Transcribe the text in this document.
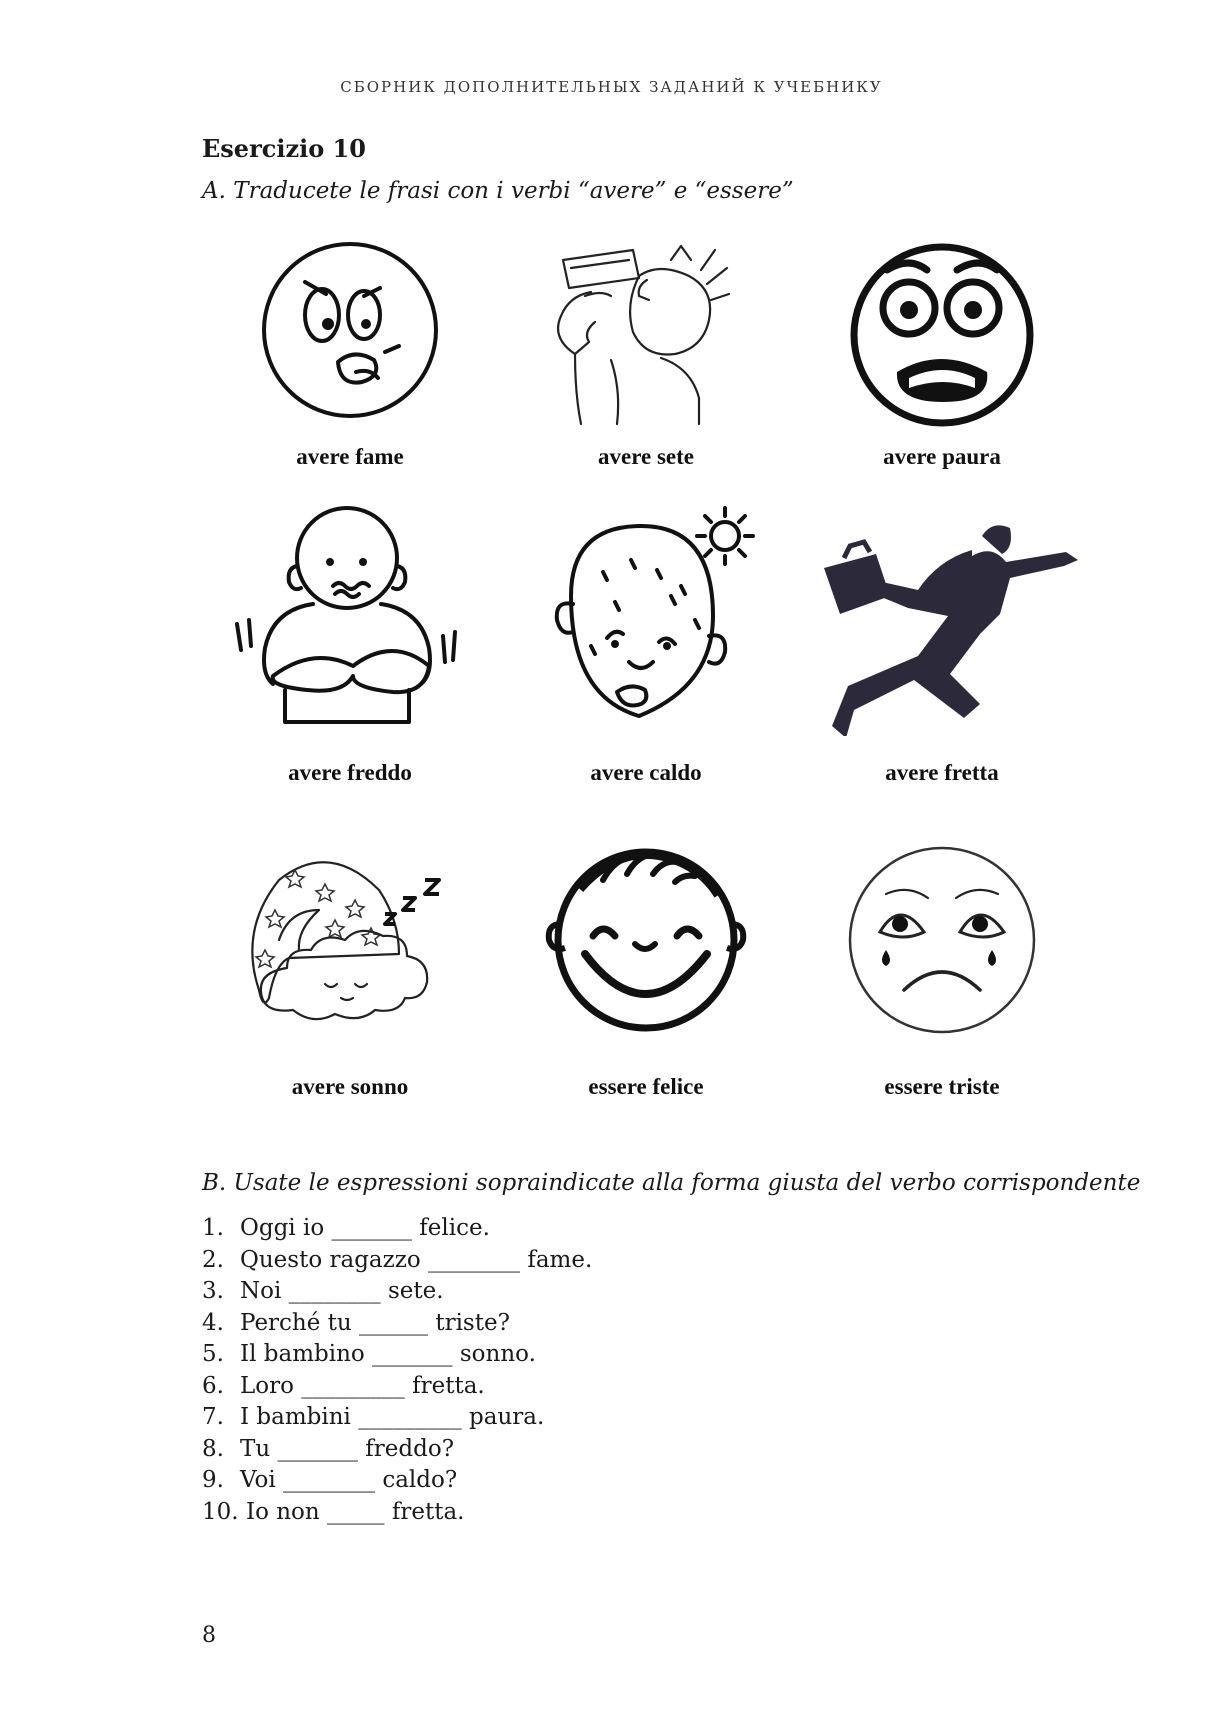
СБОРНИК ДОПОЛНИТЕЛЬНЫХ ЗАДАНИЙ К УЧЕБНИКУ
Esercizio 10
A. Traducete le frasi con i verbi “avere” e “essere”
avere fame	avere sete	avere paura
avere freddo	avere caldo	avere fretta
avere sonno	essere felice	essere triste
B. Usate le espressioni sopraindicate alla forma giusta del verbo corrispondente
1. Oggi io _______ felice.
2. Questo ragazzo ________ fame.
3. Noi ________ sete.
4. Perché tu ______ triste?
5. Il bambino _______ sonno.
6. Loro _________ fretta.
7. I bambini _________ paura.
8. Tu _______ freddo?
9. Voi ________ caldo?
10. Io non _____ fretta.
8
